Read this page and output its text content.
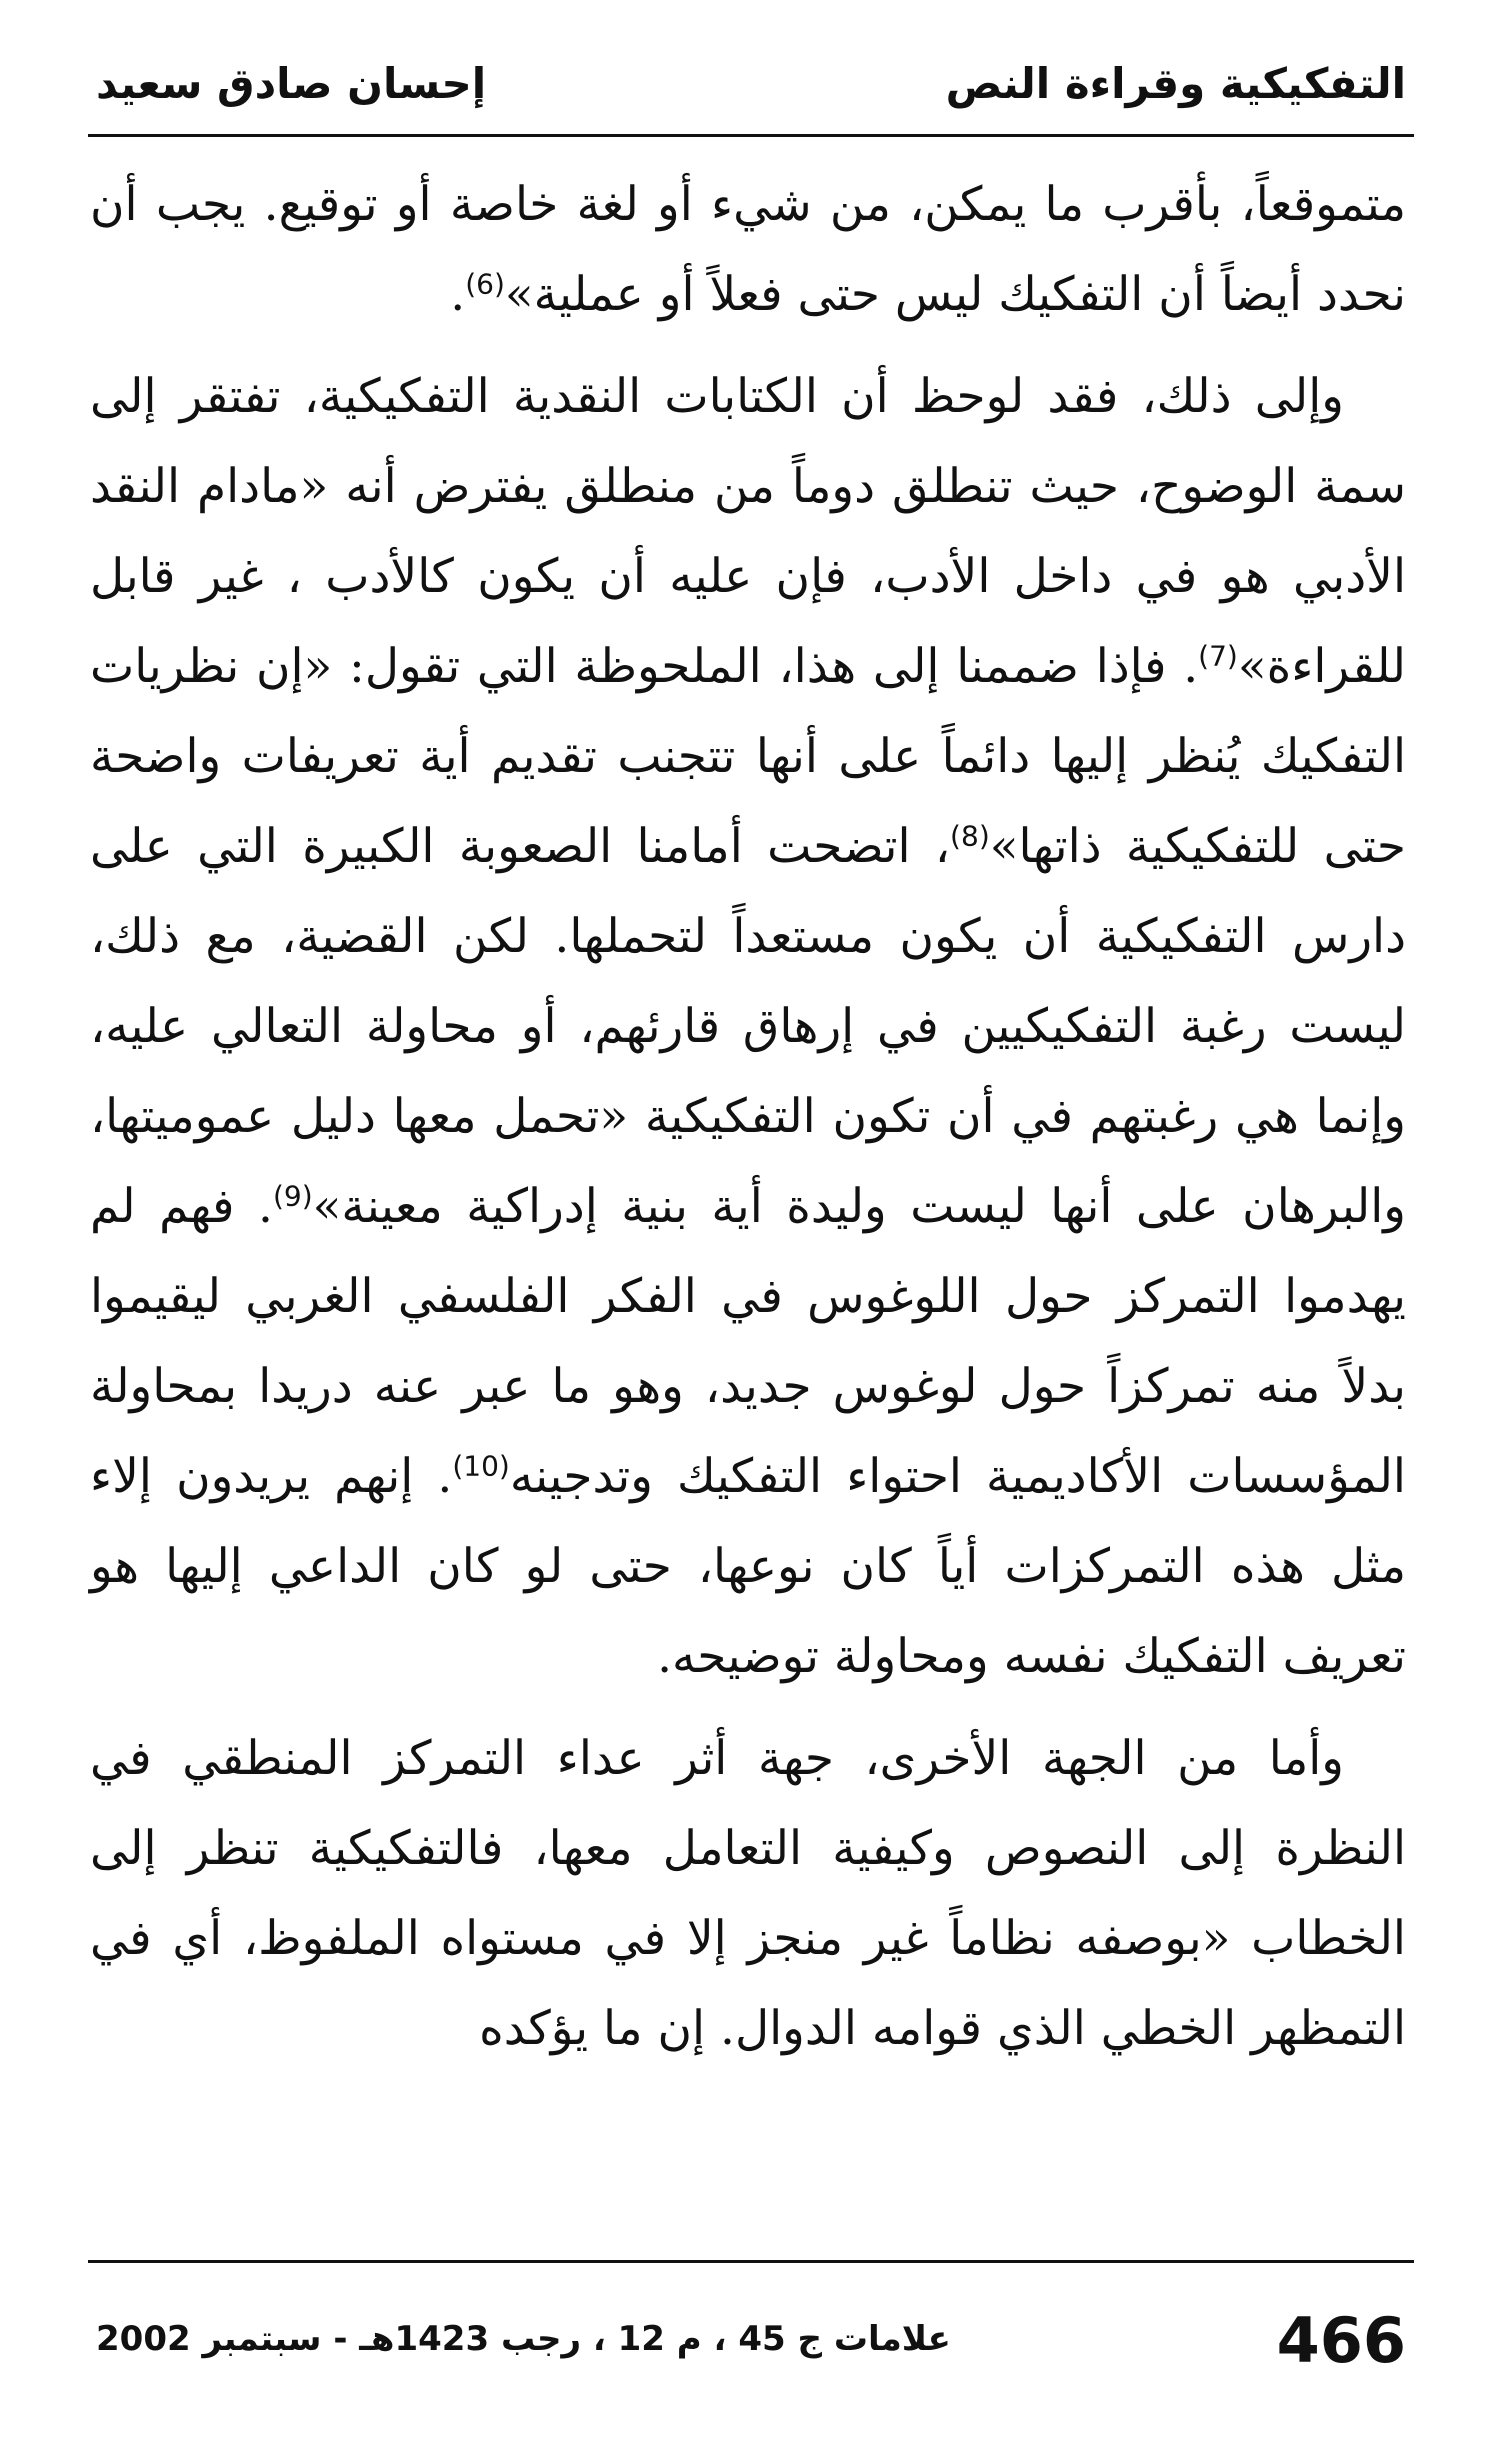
التفكيكية وقراءة النص
إحسان صادق سعيد

متموقعاً، بأقرب ما يمكن، من شيء أو لغة خاصة أو توقيع. يجب أن نحدد أيضاً أن التفكيك ليس حتى فعلاً أو عملية»$^{(6)}$.

وإلى ذلك، فقد لوحظ أن الكتابات النقدية التفكيكية، تفتقر إلى سمة الوضوح، حيث تنطلق دوماً من منطلق يفترض أنه «مادام النقد الأدبي هو في داخل الأدب، فإن عليه أن يكون كالأدب ، غير قابل للقراءة»$^{(7)}$. فإذا ضممنا إلى هذا، الملحوظة التي تقول: «إن نظريات التفكيك يُنظر إليها دائماً على أنها تتجنب تقديم أية تعريفات واضحة حتى للتفكيكية ذاتها»$^{(8)}$، اتضحت أمامنا الصعوبة الكبيرة التي على دارس التفكيكية أن يكون مستعداً لتحملها. لكن القضية، مع ذلك، ليست رغبة التفكيكيين في إرهاق قارئهم، أو محاولة التعالي عليه، وإنما هي رغبتهم في أن تكون التفكيكية «تحمل معها دليل عموميتها، والبرهان على أنها ليست وليدة أية بنية إدراكية معينة»$^{(9)}$. فهم لم يهدموا التمركز حول اللوغوس في الفكر الفلسفي الغربي ليقيموا بدلاً منه تمركزاً حول لوغوس جديد، وهو ما عبر عنه دريدا بمحاولة المؤسسات الأكاديمية احتواء التفكيك وتدجينه$^{(10)}$. إنهم يريدون إلاء مثل هذه التمركزات أياً كان نوعها، حتى لو كان الداعي إليها هو تعريف التفكيك نفسه ومحاولة توضيحه.

وأما من الجهة الأخرى، جهة أثر عداء التمركز المنطقي في النظرة إلى النصوص وكيفية التعامل معها، فالتفكيكية تنظر إلى الخطاب «بوصفه نظاماً غير منجز إلا في مستواه الملفوظ، أي في التمظهر الخطي الذي قوامه الدوال. إن ما يؤكده

466
علامات ج 45 ، م 12 ، رجب 1423هـ - سبتمبر 2002
